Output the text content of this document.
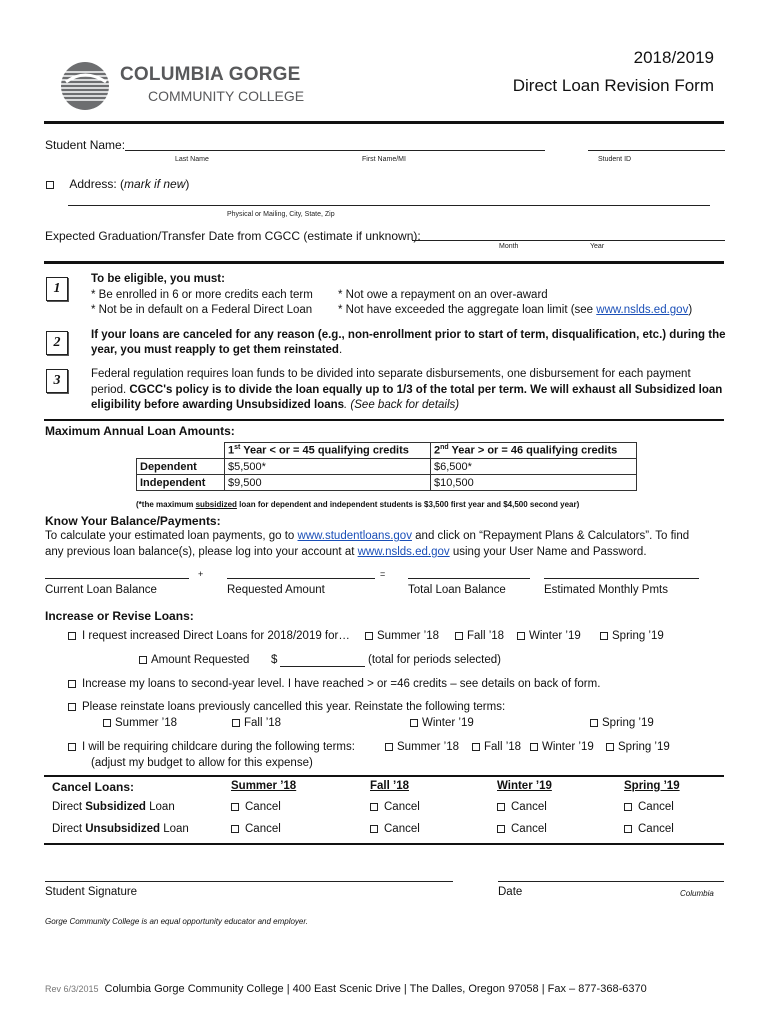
COLUMBIA GORGE
COMMUNITY COLLEGE
2018/2019
Direct Loan Revision Form
Student Name:
Last Name	First Name/MI	Student ID
Address: (mark if new)
Physical or Mailing, City, State, Zip
Expected Graduation/Transfer Date from CGCC (estimate if unknown):
Month	Year
1
To be eligible, you must:
* Be enrolled in 6 or more credits each term * Not owe a repayment on an over-award
* Not be in default on a Federal Direct Loan * Not have exceeded the aggregate loan limit (see www.nslds.ed.gov)
2	If your loans are canceled for any reason (e.g., non-enrollment prior to start of term, disqualification, etc.) during the
year, you must reapply to get them reinstated.
3	Federal regulation requires loan funds to be divided into separate disbursements, one disbursement for each payment
period. CGCC's policy is to divide the loan equally up to 1/3 of the total per term. We will exhaust all Subsidized loan
eligibility before awarding Unsubsidized loans. (See back for details)
Maximum Annual Loan Amounts:
	1st Year < or = 45 qualifying credits	2nd Year > or = 46 qualifying credits
Dependent	$5,500*	$6,500*
Independent	$9,500	$10,500
(*the maximum subsidized loan for dependent and independent students is $3,500 first year and $4,500 second year)
Know Your Balance/Payments:
To calculate your estimated loan payments, go to www.studentloans.gov and click on “Repayment Plans & Calculators”. To find
any previous loan balance(s), please log into your account at www.nslds.ed.gov using your User Name and Password.
+	=
Current Loan Balance	Requested Amount	Total Loan Balance	Estimated Monthly Pmts
Increase or Revise Loans:
I request increased Direct Loans for 2018/2019 for…	Summer ’18	Fall ’18	Winter ’19	Spring ’19
Amount Requested $	(total for periods selected)
Increase my loans to second-year level. I have reached > or =46 credits – see details on back of form.
Please reinstate loans previously cancelled this year. Reinstate the following terms:
Summer ’18	Fall ’18	Winter ’19	Spring ’19
I will be requiring childcare during the following terms:	Summer ’18	Fall ’18	Winter ’19	Spring ’19
(adjust my budget to allow for this expense)
Cancel Loans:	Summer ’18	Fall ’18	Winter ’19	Spring ’19
Direct Subsidized Loan	Cancel	Cancel	Cancel	Cancel
Direct Unsubsidized Loan	Cancel	Cancel	Cancel	Cancel
Student Signature	Date	Columbia
Gorge Community College is an equal opportunity educator and employer.
Rev 6/3/2015 Columbia Gorge Community College | 400 East Scenic Drive | The Dalles, Oregon 97058 | Fax – 877-368-6370
